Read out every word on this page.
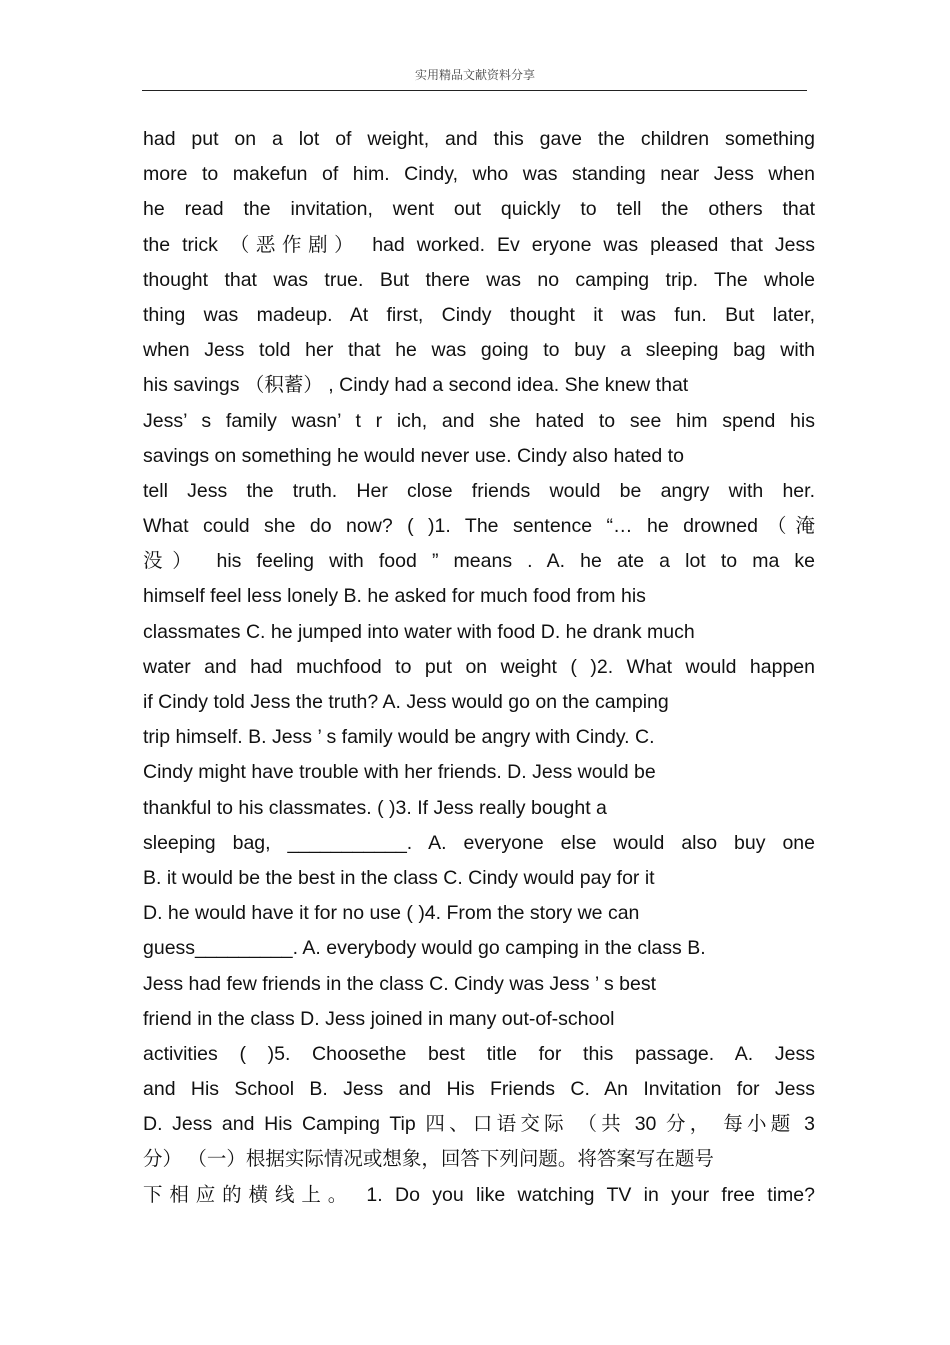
实用精品文献资料分享
had put on a lot of weight, and this gave the children something
more to makefun of him. Cindy, who was standing near Jess when
he read the invitation, went out quickly to tell the others that
the trick （恶作剧） had worked. Ev eryone was pleased that Jess
thought that was true. But there was no camping trip. The whole
thing was madeup. At first, Cindy thought it was fun. But later,
when Jess told her that he was going to buy a sleeping bag with
his savings （积蓄） , Cindy had a second idea. She knew that
Jess’ s family wasn’ t r ich, and she hated to see him spend his
savings on something he would never use. Cindy also hated to
tell Jess the truth. Her close friends would be angry with her.
What could she do now? ( )1. The sentence “… he drowned（淹
没） his feeling with food ” means . A. he ate a lot to ma ke
himself feel less lonely B. he asked for much food from his
classmates C. he jumped into water with food D. he drank much
water and had muchfood to put on weight ( )2. What would happen
if Cindy told Jess the truth? A. Jess would go on the camping
trip himself. B. Jess ’ s family would be angry with Cindy. C.
Cindy might have trouble with her friends. D. Jess would be
thankful to his classmates. ( )3. If Jess really bought a
sleeping bag, ___________. A. everyone else would also buy one
B. it would be the best in the class C. Cindy would pay for it
D. he would have it for no use ( )4. From the story we can
guess_________. A. everybody would go camping in the class B.
Jess had few friends in the class C. Cindy was Jess ’ s best
friend in the class D. Jess joined in many out-of-school
activities ( )5. Choosethe best title for this passage. A. Jess
and His School B. Jess and His Friends C. An Invitation for Jess
D. Jess and His Camping Tip 四、口语交际 （共 30 分， 每小题 3
分） （一）根据实际情况或想象，回答下列问题。将答案写在题号
下相应的横线上。 1. Do you like watching TV in your free time?
